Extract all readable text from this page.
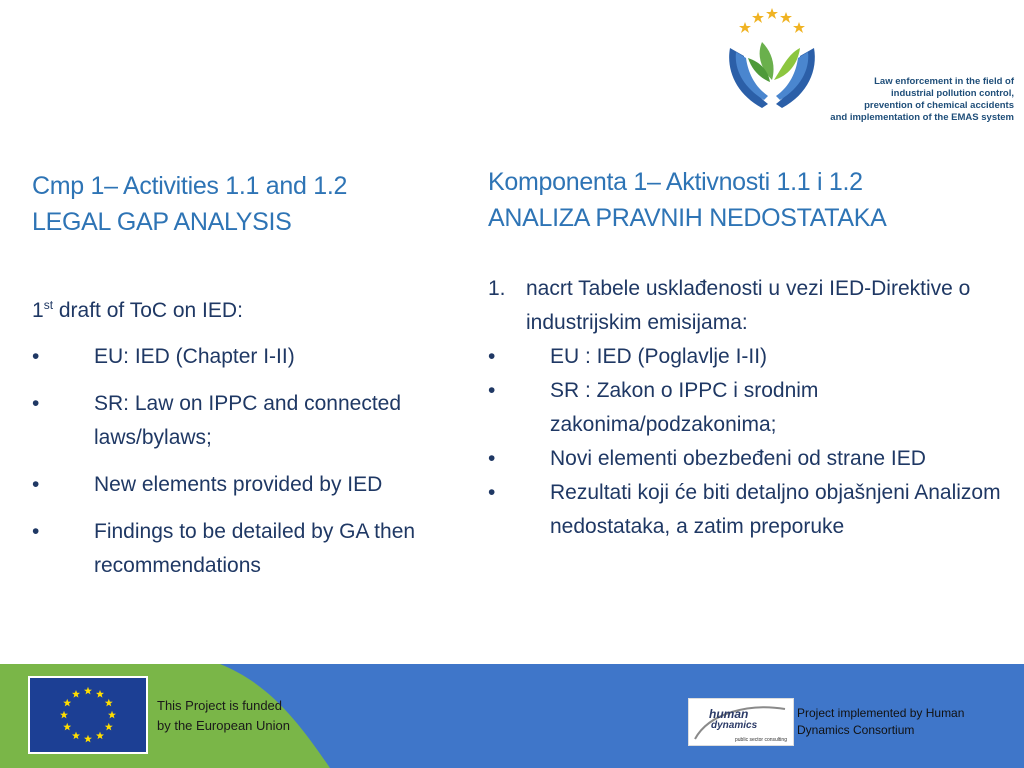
Law enforcement in the field of
industrial pollution control,
prevention of chemical accidents
and implementation of the EMAS system
Cmp 1– Activities 1.1 and 1.2
LEGAL GAP ANALYSIS
1st draft of ToC on IED:
•	EU: IED (Chapter I-II)
•	SR: Law on IPPC and connected laws/bylaws;
•	New elements provided by IED
•	Findings to be detailed by GA then recommendations
Komponenta 1– Aktivnosti 1.1 i 1.2
ANALIZA PRAVNIH NEDOSTATAKA
1. nacrt Tabele usklađenosti u vezi IED-Direktive o industrijskim emisijama:
•	EU : IED (Poglavlje I-II)
•	SR : Zakon o IPPC i srodnim zakonima/podzakonima;
•	Novi elementi obezbeđeni od strane IED
•	Rezultati koji će biti detaljno objašnjeni Analizom nedostataka, a zatim preporuke
This Project is funded
by the European Union
human
dynamics
public sector consulting
Project implemented by Human Dynamics Consortium
